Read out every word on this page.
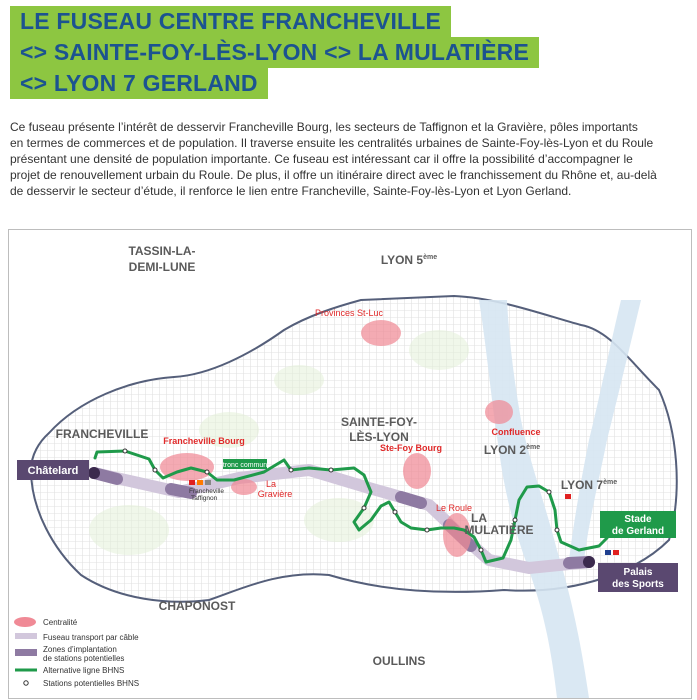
LE FUSEAU CENTRE FRANCHEVILLE
<> SAINTE-FOY-LÈS-LYON <> LA MULATIÈRE
<> LYON 7 GERLAND
Ce fuseau présente l’intérêt de desservir Francheville Bourg, les secteurs de Taffignon et la Gravière, pôles importants
en termes de commerces et de population. Il traverse ensuite les centralités urbaines de Sainte-Foy-lès-Lyon et du Roule
présentant une densité de population importante. Ce fuseau est intéressant car il offre la possibilité d’accompagner le
projet de renouvellement urbain du Roule. De plus, il offre un itinéraire direct avec le franchissement du Rhône et, au-delà
de desservir le secteur d’étude, il renforce le lien entre Francheville, Sainte-Foy-lès-Lyon et Lyon Gerland.
TASSIN-LA-
DEMI-LUNE	LYON 5ème
FRANCHEVILLE
SAINTE-FOY-
LÈS-LYON
LYON 2ème
LYON 7ème
LA
MULATIÈRE
CHAPONOST
OULLINS
Provinces St-Luc
Francheville Bourg
La
Gravière
Ste-Foy Bourg
Le Roule
Confluence
Francheville
Taffignon
tronc commun
Châtelard
Palais
des Sports
Stade
de Gerland
Centralité
Fuseau transport par câble
Zones d’implantation
de stations potentielles
Alternative ligne BHNS
Stations potentielles BHNS
